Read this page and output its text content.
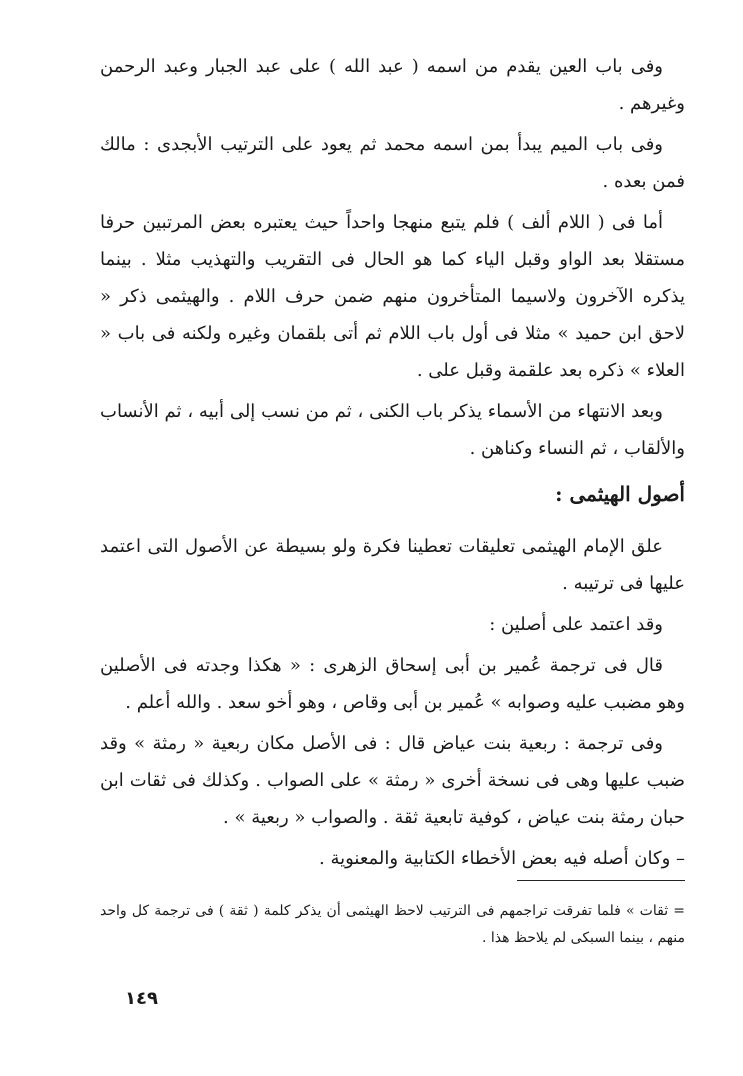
وفى باب العين يقدم من اسمه ( عبد الله ) على عبد الجبار وعبد الرحمن وغيرهم .

وفى باب الميم يبدأ بمن اسمه محمد ثم يعود على الترتيب الأبجدى : مالك فمن بعده .

أما فى ( اللام ألف ) فلم يتبع منهجا واحداً حيث يعتبره بعض المرتبين حرفا مستقلا بعد الواو وقبل الياء كما هو الحال فى التقريب والتهذيب مثلا . بينما يذكره الآخرون ولاسيما المتأخرون منهم ضمن حرف اللام . والهيثمى ذكر « لاحق ابن حميد » مثلا فى أول باب اللام ثم أتى بلقمان وغيره ولكنه فى باب « العلاء » ذكره بعد علقمة وقبل على .

وبعد الانتهاء من الأسماء يذكر باب الكنى ، ثم من نسب إلى أبيه ، ثم الأنساب والألقاب ، ثم النساء وكناهن .

أصول الهيثمى :

علق الإمام الهيثمى تعليقات تعطينا فكرة ولو بسيطة عن الأصول التى اعتمد عليها فى ترتيبه .

وقد اعتمد على أصلين :

قال فى ترجمة عُمير بن أبى إسحاق الزهرى : « هكذا وجدته فى الأصلين وهو مضبب عليه وصوابه » عُمير بن أبى وقاص ، وهو أخو سعد . والله أعلم .

وفى ترجمة : ربعية بنت عياض قال : فى الأصل مكان ربعية « رمثة » وقد ضبب عليها وهى فى نسخة أخرى « رمثة » على الصواب . وكذلك فى ثقات ابن حبان رمثة بنت عياض ، كوفية تابعية ثقة . والصواب « ربعية » .

– وكان أصله فيه بعض الأخطاء الكتابية والمعنوية .

= ثقات » فلما تفرقت تراجمهم فى الترتيب لاحظ الهيثمى أن يذكر كلمة ( ثقة ) فى ترجمة كل واحد منهم ، بينما السبكى لم يلاحظ هذا .

١٤٩
